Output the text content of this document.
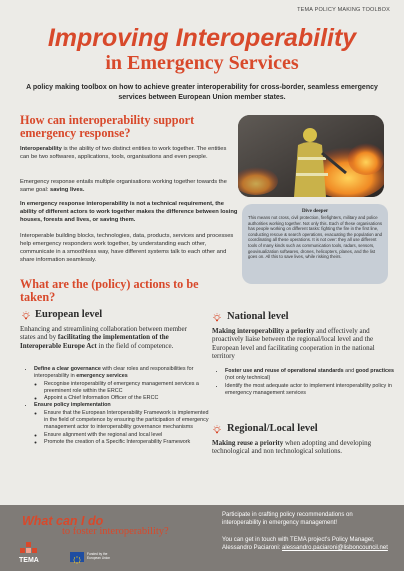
TEMA POLICY MAKING TOOLBOX
Improving Interoperability
in Emergency Services

A policy making toolbox on how to achieve greater interoperability for cross-border, seamless emergency services between European Union member states.

How can interoperability support emergency response?

Interoperability is the ability of two distinct entities to work together. The entities can be two softwares, applications, tools, organisations and even people.

Emergency response entails multiple organisations working together towards the same goal: saving lives.

In emergency response interoperability is not a technical requirement, the ability of different actors to work together makes the difference between losing houses, forests and lives, or saving them.

Interoperable building blocks, technologies, data, products, services and processes help emergency responders work together, by understanding each other, communicate in a smoothless way, have different systems talk to each other and share information seamlessly.

Dive deeper

This means not cross, civil protection, firefighters, military and police authorities working together. Not only this. Each of these organisations has people working on different tasks: fighting the fire in the first line, conducting rescue & search operations, evacuating the population and coordinating all these operations. It is not over: they all use different tools of many kinds such as communication tools, radars, sensors, geovisualization softwares, drones, helicopters, planes, and the list goes on. All this to save lives, while risking theirs.

What are the (policy) actions to be taken?
European level

Enhancing and streamlining collaboration between member states and by facilitating the implementation of the Interoperable Europe Act in the field of competence.

• Define a clear governance with clear roles and responsibilities for interoperability in emergency services
◦ Recognise interoperability of emergency management services a preeminent role within the ERCC
◦ Appoint a Chief Information Officer of the ERCC
• Ensure policy implementation
◦ Ensure that the European Interoperability Framework is implemented in the field of competence by ensuring the participation of emergency management actor to interoperability governance mechanisms
◦ Ensure alignment with the regional and local level
◦ Promote the creation of a Specific Interoperability Framework
National level

Making interoperability a priority and effectively and proactively liaise between the regional/local level and the European level and facilitating cooperation in the national territory

• Foster use and reuse of operational standards and good practices (not only technical)
• Identify the most adequate actor to implement interoperability policy in emergency management services
Regional/Local level

Making reuse a priority when adopting and developing technological and non technological solutions.

What can I do

to foster interoperability?

Participate in crafting policy recommendations on interoperability in emergency management!

You can get in touch with TEMA project's Policy Manager, Alessandro Paciaroni: alessandro.paciaroni@lisboncouncil.net

TEMA

Funded by the European Union
